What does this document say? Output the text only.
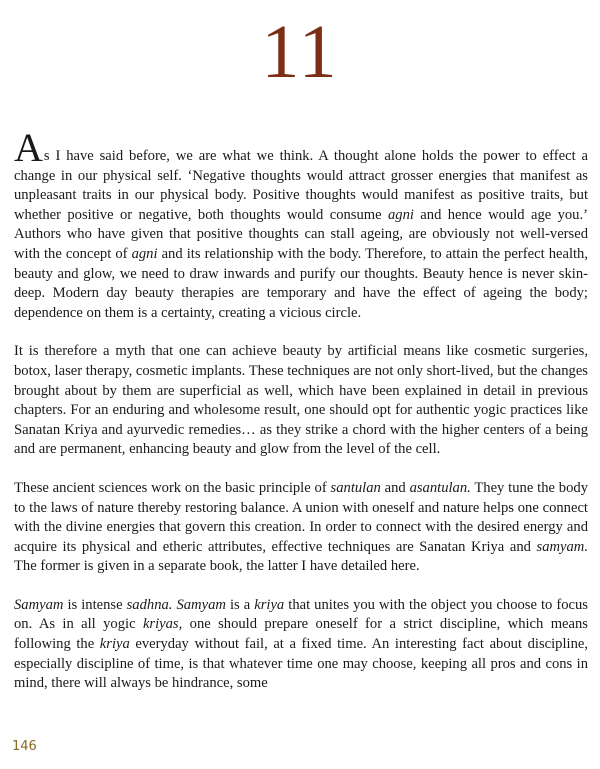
11

As I have said before, we are what we think. A thought alone holds the power to effect a change in our physical self. ‘Negative thoughts would attract grosser energies that manifest as unpleasant traits in our physical body. Positive thoughts would manifest as positive traits, but whether positive or negative, both thoughts would consume agni and hence would age you.’ Authors who have given that positive thoughts can stall ageing, are obviously not well-versed with the concept of agni and its relationship with the body. Therefore, to attain the perfect health, beauty and glow, we need to draw inwards and purify our thoughts. Beauty hence is never skin-deep. Modern day beauty therapies are temporary and have the effect of ageing the body; dependence on them is a certainty, creating a vicious circle.

It is therefore a myth that one can achieve beauty by artificial means like cosmetic surgeries, botox, laser therapy, cosmetic implants. These techniques are not only short-lived, but the changes brought about by them are superficial as well, which have been explained in detail in previous chapters. For an enduring and wholesome result, one should opt for authentic yogic practices like Sanatan Kriya and ayurvedic remedies… as they strike a chord with the higher centers of a being and are permanent, enhancing beauty and glow from the level of the cell.

These ancient sciences work on the basic principle of santulan and asantulan. They tune the body to the laws of nature thereby restoring balance. A union with oneself and nature helps one connect with the divine energies that govern this creation. In order to connect with the desired energy and acquire its physical and etheric attributes, effective techniques are Sanatan Kriya and samyam. The former is given in a separate book, the latter I have detailed here.

Samyam is intense sadhna. Samyam is a kriya that unites you with the object you choose to focus on. As in all yogic kriyas, one should prepare oneself for a strict discipline, which means following the kriya everyday without fail, at a fixed time. An interesting fact about discipline, especially discipline of time, is that whatever time one may choose, keeping all pros and cons in mind, there will always be hindrance, some

146
